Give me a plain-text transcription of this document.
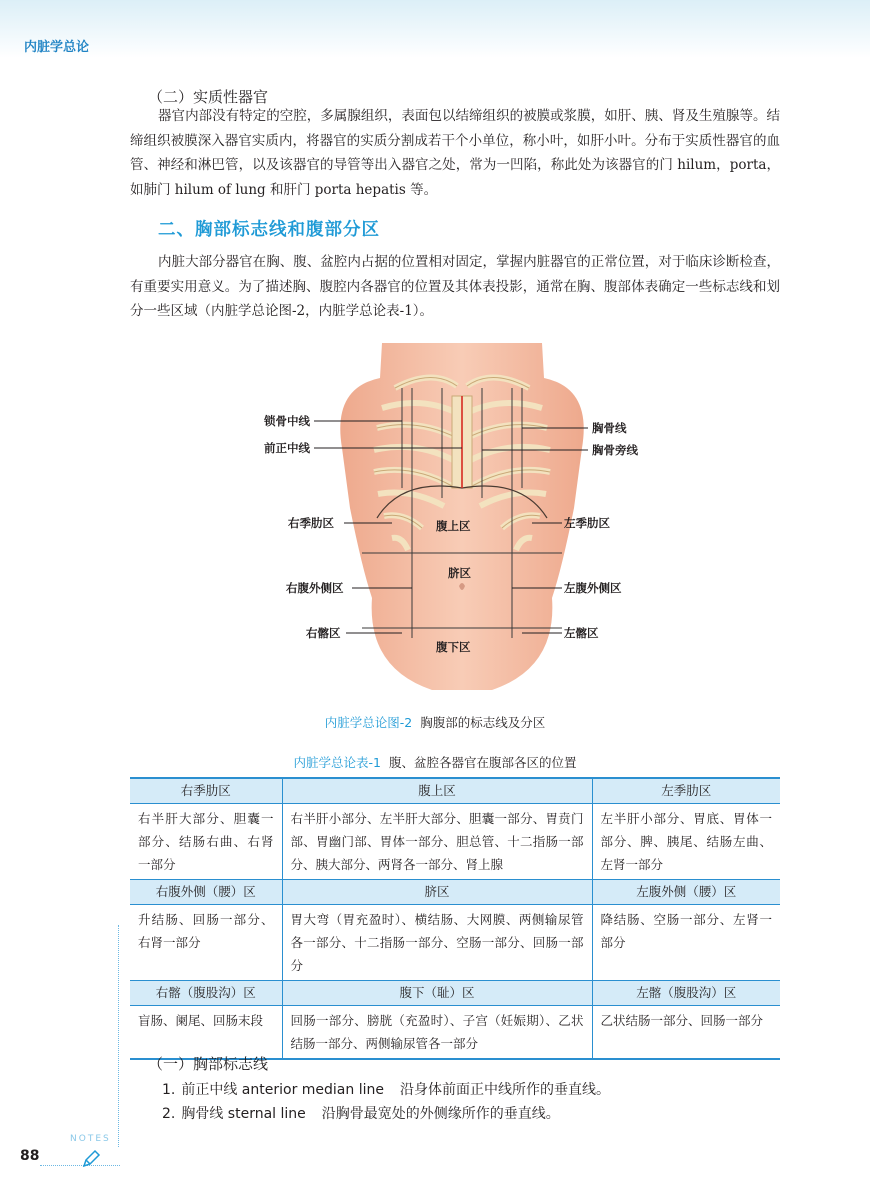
内脏学总论
（二）实质性器官

器官内部没有特定的空腔，多属腺组织，表面包以结缔组织的被膜或浆膜，如肝、胰、肾及生殖腺等。结缔组织被膜深入器官实质内，将器官的实质分割成若干个小单位，称小叶，如肝小叶。分布于实质性器官的血管、神经和淋巴管，以及该器官的导管等出入器官之处，常为一凹陷，称此处为该器官的门 hilum，porta，如肺门 hilum of lung 和肝门 porta hepatis 等。

二、胸部标志线和腹部分区

内脏大部分器官在胸、腹、盆腔内占据的位置相对固定，掌握内脏器官的正常位置，对于临床诊断检查，有重要实用意义。为了描述胸、腹腔内各器官的位置及其体表投影，通常在胸、腹部体表确定一些标志线和划分一些区域（内脏学总论图-2，内脏学总论表-1）。

锁骨中线
前正中线
胸骨线
胸骨旁线
右季肋区	腹上区	左季肋区
脐区
右腹外侧区	左腹外侧区
右髂区	左髂区
腹下区
内脏学总论图-2 胸腹部的标志线及分区
内脏学总论表-1 腹、盆腔各器官在腹部各区的位置
右季肋区	腹上区	左季肋区
右半肝大部分、胆囊一部分、结肠右曲、右肾一部分	右半肝小部分、左半肝大部分、胆囊一部分、胃贲门部、胃幽门部、胃体一部分、胆总管、十二指肠一部分、胰大部分、两肾各一部分、肾上腺	左半肝小部分、胃底、胃体一部分、脾、胰尾、结肠左曲、左肾一部分
右腹外侧（腰）区	脐区	左腹外侧（腰）区
升结肠、回肠一部分、右肾一部分	胃大弯（胃充盈时）、横结肠、大网膜、两侧输尿管各一部分、十二指肠一部分、空肠一部分、回肠一部分	降结肠、空肠一部分、左肾一部分
右髂（腹股沟）区	腹下（耻）区	左髂（腹股沟）区
盲肠、阑尾、回肠末段	回肠一部分、膀胱（充盈时）、子宫（妊娠期）、乙状结肠一部分、两侧输尿管各一部分	乙状结肠一部分、回肠一部分
（一）胸部标志线
1. 前正中线 anterior median line 沿身体前面正中线所作的垂直线。
2. 胸骨线 sternal line 沿胸骨最宽处的外侧缘所作的垂直线。
NOTES
88
